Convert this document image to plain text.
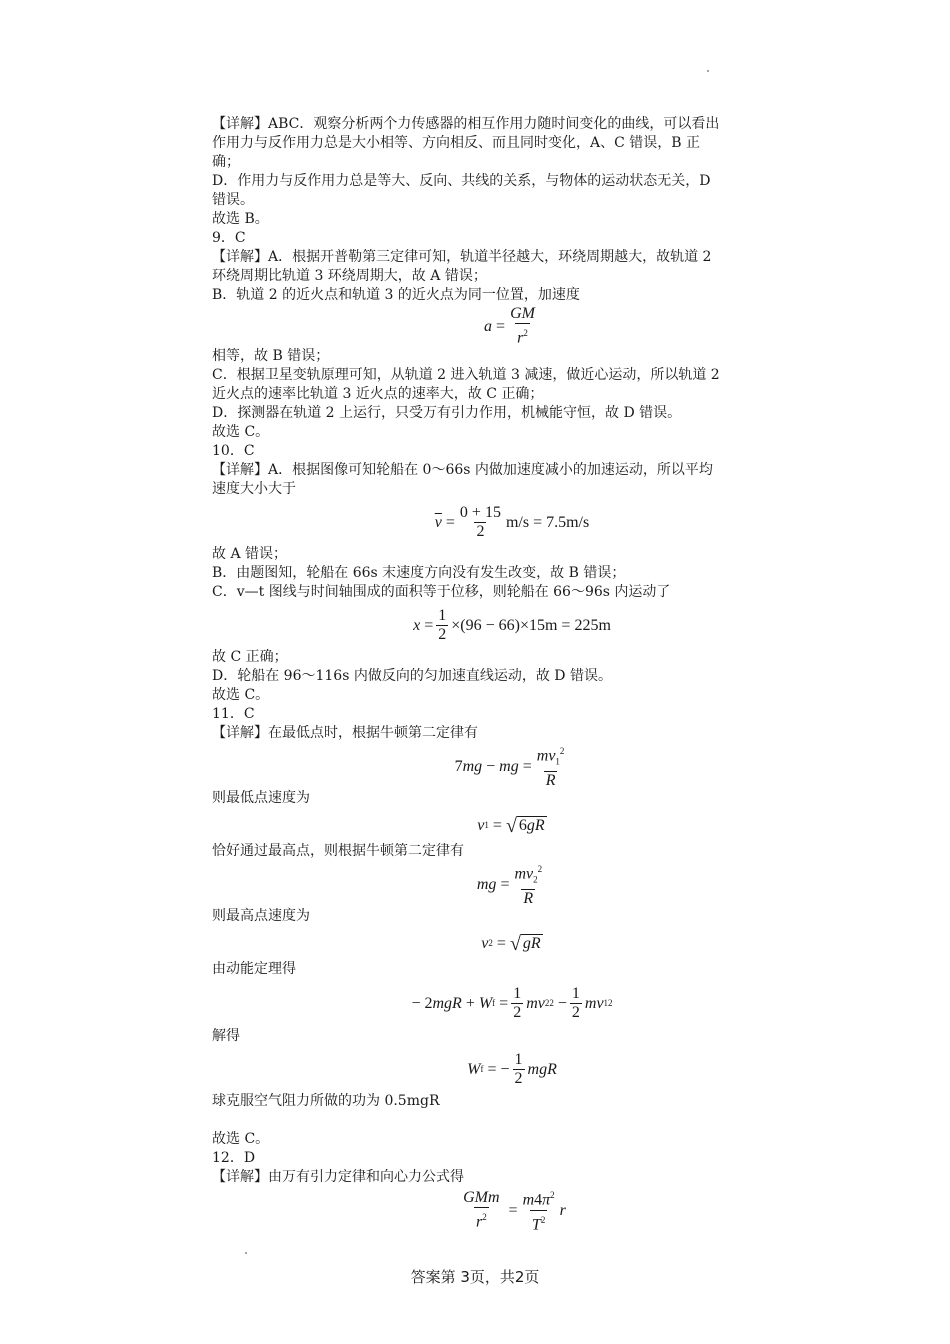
【详解】ABC．观察分析两个力传感器的相互作用力随时间变化的曲线，可以看出
作用力与反作用力总是大小相等、方向相反、而且同时变化，A、C 错误，B 正
确；
D．作用力与反作用力总是等大、反向、共线的关系，与物体的运动状态无关，D
错误。
故选 B。
9．C
【详解】A．根据开普勒第三定律可知，轨道半径越大，环绕周期越大，故轨道 2
环绕周期比轨道 3 环绕周期大，故 A 错误；
B．轨道 2 的近火点和轨道 3 的近火点为同一位置，加速度
$a = \frac{GM}{r^2}$
相等，故 B 错误；
C．根据卫星变轨原理可知，从轨道 2 进入轨道 3 减速，做近心运动，所以轨道 2
近火点的速率比轨道 3 近火点的速率大，故 C 正确；
D．探测器在轨道 2 上运行，只受万有引力作用，机械能守恒，故 D 错误。
故选 C。
10．C
【详解】A．根据图像可知轮船在 0～66s 内做加速度减小的加速运动，所以平均
速度大小大于
$\overline{v} = \frac{0 + 15}{2} m/s = 7.5m/s$
故 A 错误；
B．由题图知，轮船在 66s 末速度方向没有发生改变，故 B 错误；
C．v—t 图线与时间轴围成的面积等于位移，则轮船在 66～96s 内运动了
$x = \frac{1}{2} \times(96 - 66)\times 15m = 225m$
故 C 正确；
D．轮船在 96～116s 内做反向的匀加速直线运动，故 D 错误。
故选 C。
11．C
【详解】在最低点时，根据牛顿第二定律有
7 mg − mg = $\frac{mv_1^2}{R}$
则最低点速度为
v 1 = √ 6gR
恰好通过最高点，则根据牛顿第二定律有
mg = $\frac{mv_2^2}{R}$
则最高点速度为
v 2 = √ gR
由动能定理得
− 2 mgR + W $f = \frac{1}{2}$ mv 2 $2 - \frac{1}{2}$ mv 1 2
解得
W f = − $\frac{1}{2}$ mgR
球克服空气阻力所做的功为 0.5mgR
故选 C。
12．D
【详解】由万有引力定律和向心力公式得
$\frac{\text{GMm}}{r^2} = \frac{m4\pi^2}{T^2}$ r
答案第 3页，共2页
